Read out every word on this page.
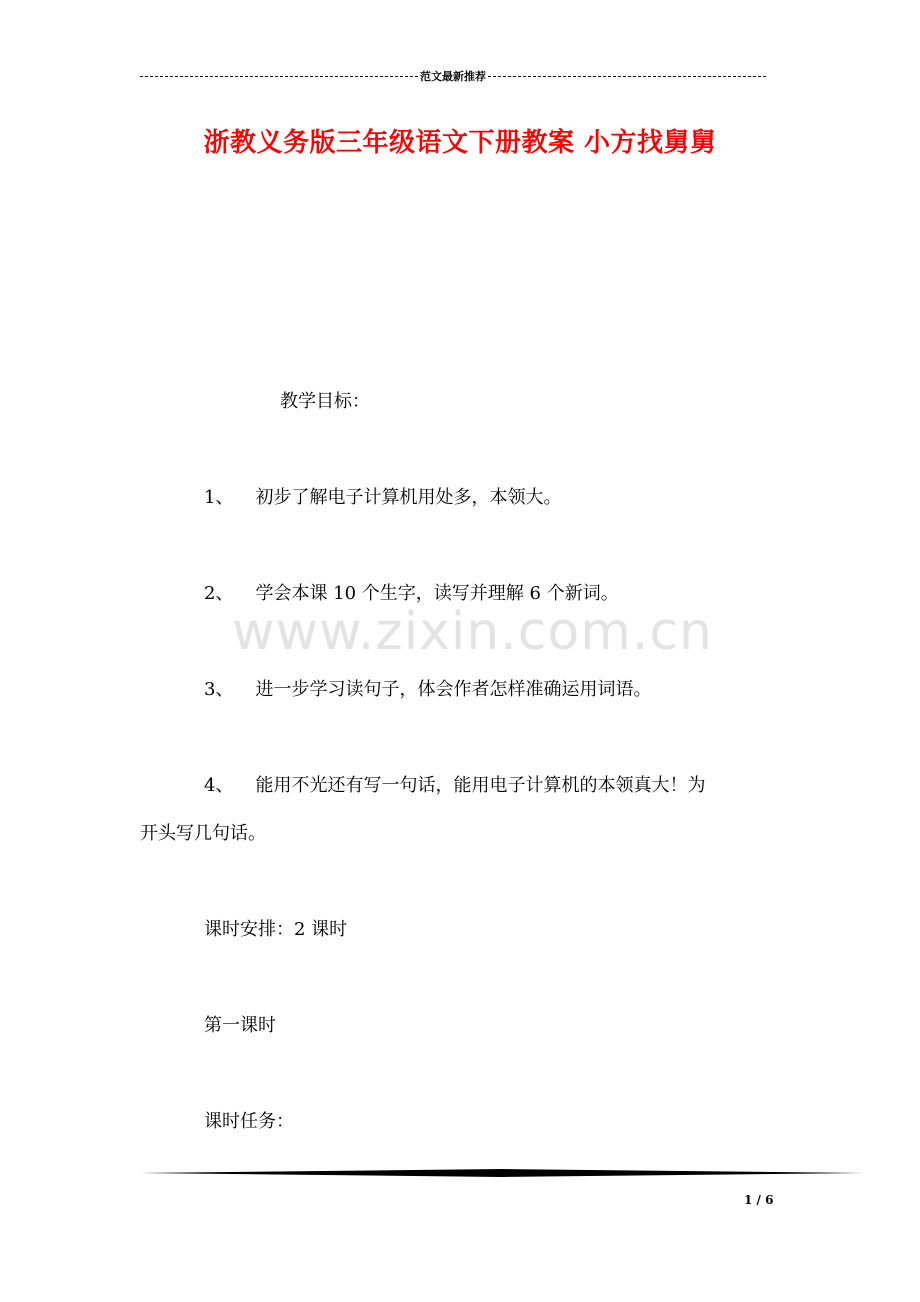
范文最新推荐
浙教义务版三年级语文下册教案 小方找舅舅
教学目标：
1、 初步了解电子计算机用处多，本领大。
2、 学会本课 10 个生字，读写并理解 6 个新词。
3、 进一步学习读句子，体会作者怎样准确运用词语。
4、 能用不光还有写一句话，能用电子计算机的本领真大！为
开头写几句话。
课时安排：2 课时
第一课时
课时任务：
www.zixin.com.cn
1 / 6
